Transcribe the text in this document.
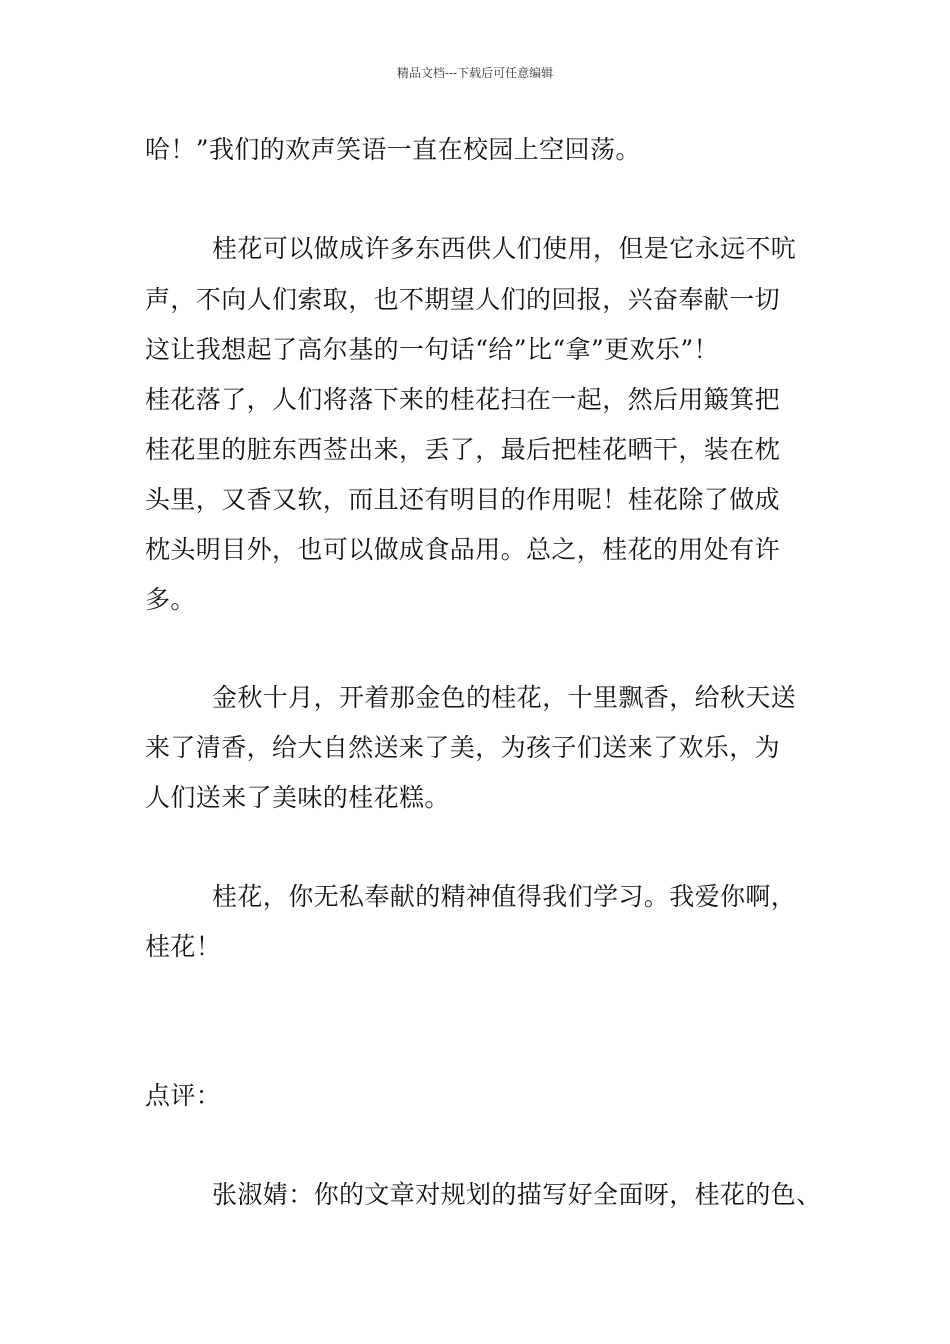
精品文档---下载后可任意编辑
哈！”我们的欢声笑语一直在校园上空回荡。
桂花可以做成许多东西供人们使用，但是它永远不吭
声，不向人们索取，也不期望人们的回报，兴奋奉献一切
这让我想起了高尔基的一句话“给”比“拿”更欢乐”！
桂花落了，人们将落下来的桂花扫在一起，然后用簸箕把
桂花里的脏东西莶出来，丢了，最后把桂花晒干，装在枕
头里，又香又软，而且还有明目的作用呢！桂花除了做成
枕头明目外，也可以做成食品用。总之，桂花的用处有许
多。
金秋十月，开着那金色的桂花，十里飘香，给秋天送
来了清香，给大自然送来了美，为孩子们送来了欢乐，为
人们送来了美味的桂花糕。
桂花，你无私奉献的精神值得我们学习。我爱你啊，
桂花！
点评：
张淑婧：你的文章对规划的描写好全面呀，桂花的色、
